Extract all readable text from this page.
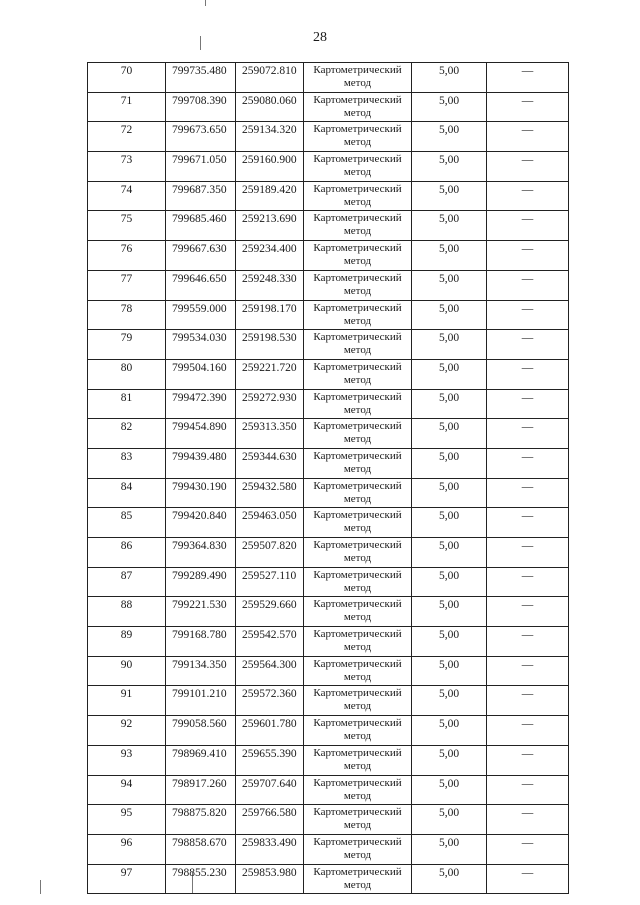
28
70	799735.480	259072.810	Картометрический метод	5,00	—
71	799708.390	259080.060	Картометрический метод	5,00	—
72	799673.650	259134.320	Картометрический метод	5,00	—
73	799671.050	259160.900	Картометрический метод	5,00	—
74	799687.350	259189.420	Картометрический метод	5,00	—
75	799685.460	259213.690	Картометрический метод	5,00	—
76	799667.630	259234.400	Картометрический метод	5,00	—
77	799646.650	259248.330	Картометрический метод	5,00	—
78	799559.000	259198.170	Картометрический метод	5,00	—
79	799534.030	259198.530	Картометрический метод	5,00	—
80	799504.160	259221.720	Картометрический метод	5,00	—
81	799472.390	259272.930	Картометрический метод	5,00	—
82	799454.890	259313.350	Картометрический метод	5,00	—
83	799439.480	259344.630	Картометрический метод	5,00	—
84	799430.190	259432.580	Картометрический метод	5,00	—
85	799420.840	259463.050	Картометрический метод	5,00	—
86	799364.830	259507.820	Картометрический метод	5,00	—
87	799289.490	259527.110	Картометрический метод	5,00	—
88	799221.530	259529.660	Картометрический метод	5,00	—
89	799168.780	259542.570	Картометрический метод	5,00	—
90	799134.350	259564.300	Картометрический метод	5,00	—
91	799101.210	259572.360	Картометрический метод	5,00	—
92	799058.560	259601.780	Картометрический метод	5,00	—
93	798969.410	259655.390	Картометрический метод	5,00	—
94	798917.260	259707.640	Картометрический метод	5,00	—
95	798875.820	259766.580	Картометрический метод	5,00	—
96	798858.670	259833.490	Картометрический метод	5,00	—
97	798855.230	259853.980	Картометрический метод	5,00	—
